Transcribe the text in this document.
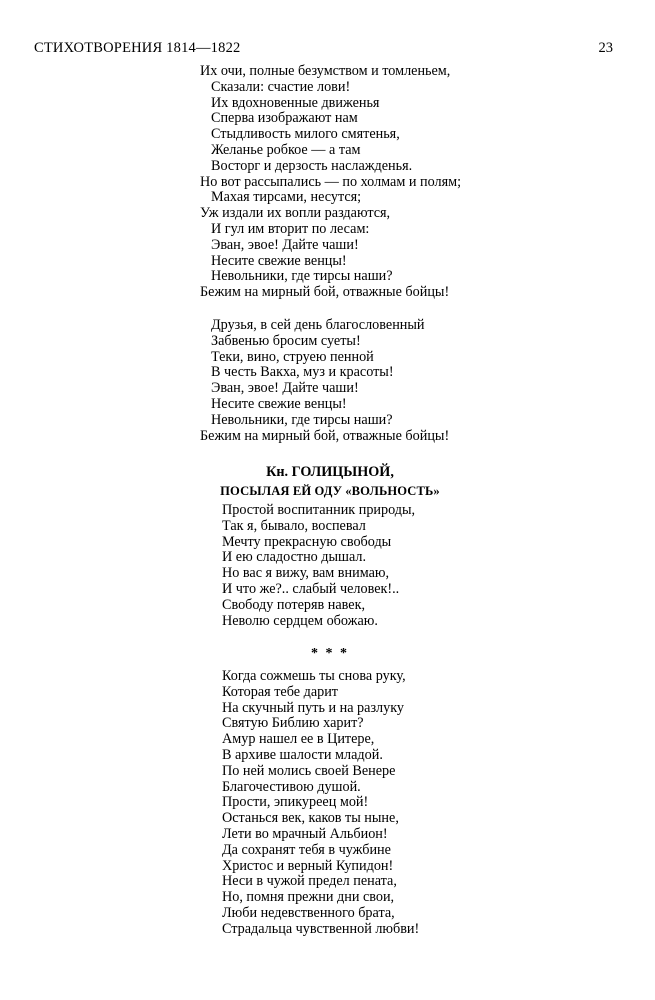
СТИХОТВОРЕНИЯ 1814—1822	23
Их очи, полные безумством и томленьем,
Сказали: счастие лови!
Их вдохновенные движенья
Сперва изображают нам
Стыдливость милого смятенья,
Желанье робкое — а там
Восторг и дерзость наслажденья.
Но вот рассыпались — по холмам и полям;
Махая тирсами, несутся;
Уж издали их вопли раздаются,
И гул им вторит по лесам:
Эван, эвое! Дайте чаши!
Несите свежие венцы!
Невольники, где тирсы наши?
Бежим на мирный бой, отважные бойцы!
Друзья, в сей день благословенный
Забвенью бросим суеты!
Теки, вино, струею пенной
В честь Вакха, муз и красоты!
Эван, эвое! Дайте чаши!
Несите свежие венцы!
Невольники, где тирсы наши?
Бежим на мирный бой, отважные бойцы!
Кн. ГОЛИЦЫНОЙ,
ПОСЫЛАЯ ЕЙ ОДУ «ВОЛЬНОСТЬ»
Простой воспитанник природы,
Так я, бывало, воспевал
Мечту прекрасную свободы
И ею сладостно дышал.
Но вас я вижу, вам внимаю,
И что же?.. слабый человек!..
Свободу потеряв навек,
Неволю сердцем обожаю.
* * *
Когда сожмешь ты снова руку,
Которая тебе дарит
На скучный путь и на разлуку
Святую Библию харит?
Амур нашел ее в Цитере,
В архиве шалости младой.
По ней молись своей Венере
Благочестивою душой.
Прости, эпикуреец мой!
Останься век, каков ты ныне,
Лети во мрачный Альбион!
Да сохранят тебя в чужбине
Христос и верный Купидон!
Неси в чужой предел пената,
Но, помня прежни дни свои,
Люби недевственного брата,
Страдальца чувственной любви!
